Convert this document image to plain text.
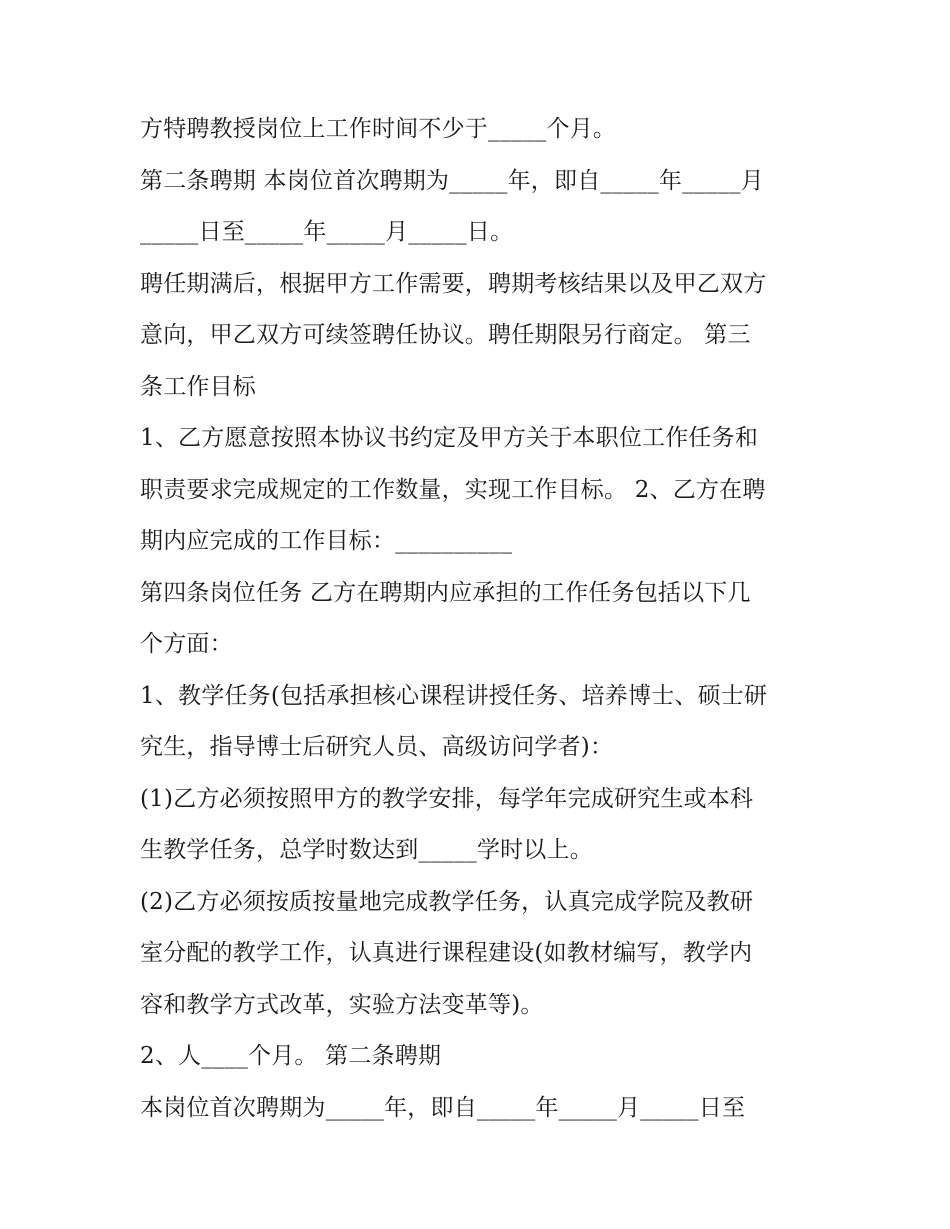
方特聘教授岗位上工作时间不少于_____个月。
第二条聘期 本岗位首次聘期为_____年，即自_____年_____月
_____日至_____年_____月_____日。
聘任期满后，根据甲方工作需要，聘期考核结果以及甲乙双方
意向，甲乙双方可续签聘任协议。聘任期限另行商定。 第三
条工作目标
1、乙方愿意按照本协议书约定及甲方关于本职位工作任务和
职责要求完成规定的工作数量，实现工作目标。 2、乙方在聘
期内应完成的工作目标：__________
第四条岗位任务 乙方在聘期内应承担的工作任务包括以下几
个方面：
1、教学任务(包括承担核心课程讲授任务、培养博士、硕士研
究生，指导博士后研究人员、高级访问学者)：
(1)乙方必须按照甲方的教学安排，每学年完成研究生或本科
生教学任务，总学时数达到_____学时以上。
(2)乙方必须按质按量地完成教学任务，认真完成学院及教研
室分配的教学工作，认真进行课程建设(如教材编写，教学内
容和教学方式改革，实验方法变革等)。
2、人____个月。 第二条聘期
本岗位首次聘期为_____年，即自_____年_____月_____日至
